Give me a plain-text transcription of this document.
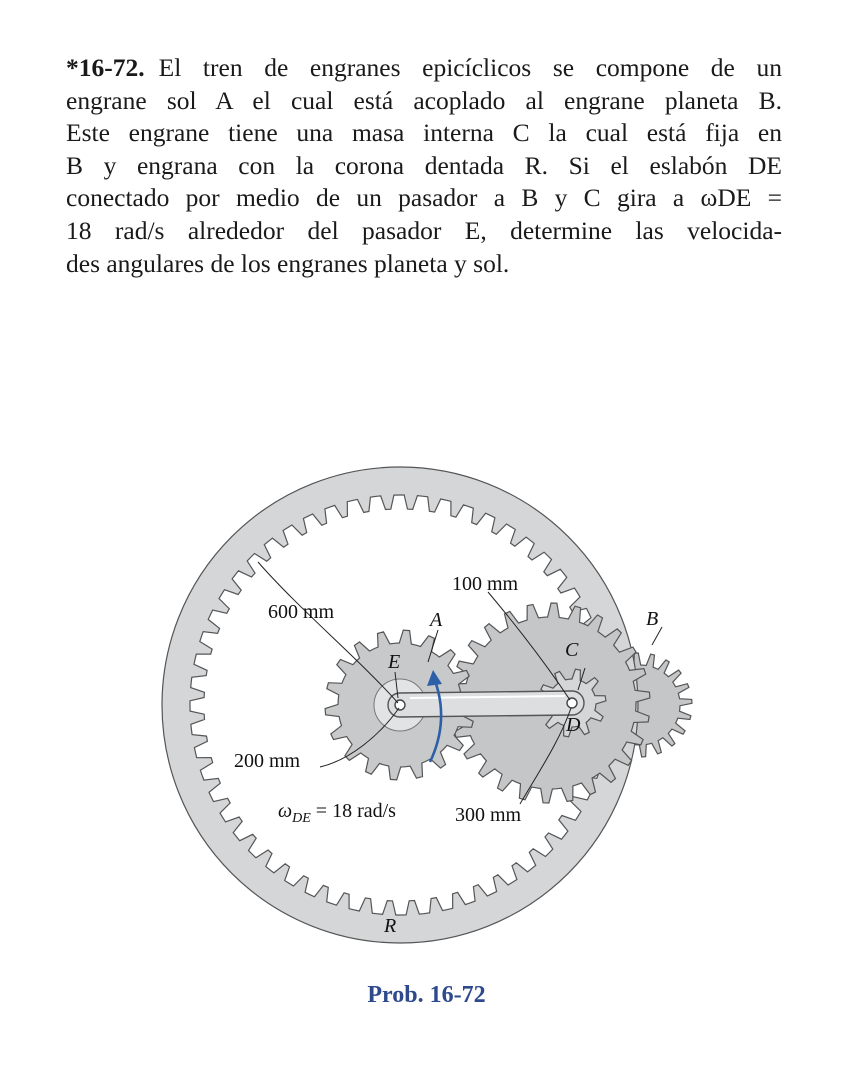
*16-72. El tren de engranes epicíclicos se compone de un
engrane sol A el cual está acoplado al engrane planeta B.
Este engrane tiene una masa interna C la cual está fija en
B y engrana con la corona dentada R. Si el eslabón DE
conectado por medio de un pasador a B y C gira a ωDE =
18 rad/s alrededor del pasador E, determine las velocida-
des angulares de los engranes planeta y sol.
600 mm
100 mm
200 mm
300 mm
$\omega_{DE} = 18$ rad/s
A	B
C
D
E
R
Prob. 16-72
